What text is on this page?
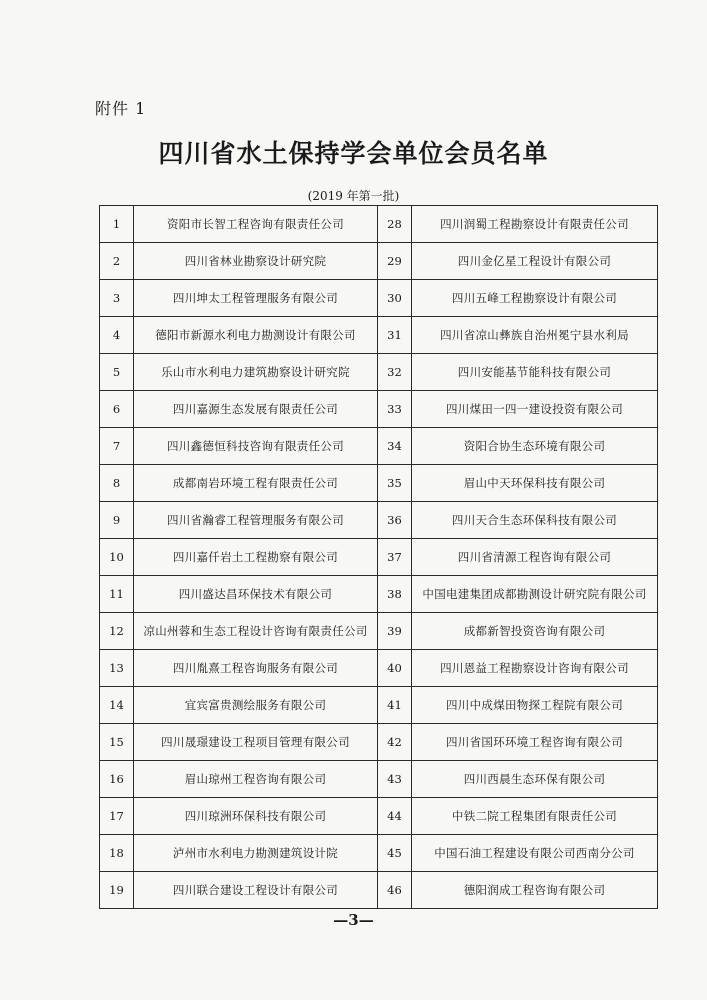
附件 1
四川省水土保持学会单位会员名单
(2019 年第一批)
1	资阳市长智工程咨询有限责任公司	28	四川润蜀工程勘察设计有限责任公司
2	四川省林业勘察设计研究院	29	四川金亿星工程设计有限公司
3	四川坤太工程管理服务有限公司	30	四川五峰工程勘察设计有限公司
4	德阳市新源水利电力勘测设计有限公司	31	四川省凉山彝族自治州冕宁县水利局
5	乐山市水利电力建筑勘察设计研究院	32	四川安能基节能科技有限公司
6	四川嘉源生态发展有限责任公司	33	四川煤田一四一建设投资有限公司
7	四川鑫德恒科技咨询有限责任公司	34	资阳合协生态环境有限公司
8	成都南岩环境工程有限责任公司	35	眉山中天环保科技有限公司
9	四川省瀚睿工程管理服务有限公司	36	四川天合生态环保科技有限公司
10	四川嘉仟岩土工程勘察有限公司	37	四川省清源工程咨询有限公司
11	四川盛达昌环保技术有限公司	38	中国电建集团成都勘测设计研究院有限公司
12	凉山州蓉和生态工程设计咨询有限责任公司	39	成都新智投资咨询有限公司
13	四川胤熹工程咨询服务有限公司	40	四川恩益工程勘察设计咨询有限公司
14	宜宾富贵测绘服务有限公司	41	四川中成煤田物探工程院有限公司
15	四川晟璟建设工程项目管理有限公司	42	四川省国环环境工程咨询有限公司
16	眉山琼州工程咨询有限公司	43	四川西晨生态环保有限公司
17	四川琼洲环保科技有限公司	44	中铁二院工程集团有限责任公司
18	泸州市水利电力勘测建筑设计院	45	中国石油工程建设有限公司西南分公司
19	四川联合建设工程设计有限公司	46	德阳润成工程咨询有限公司
—3—
